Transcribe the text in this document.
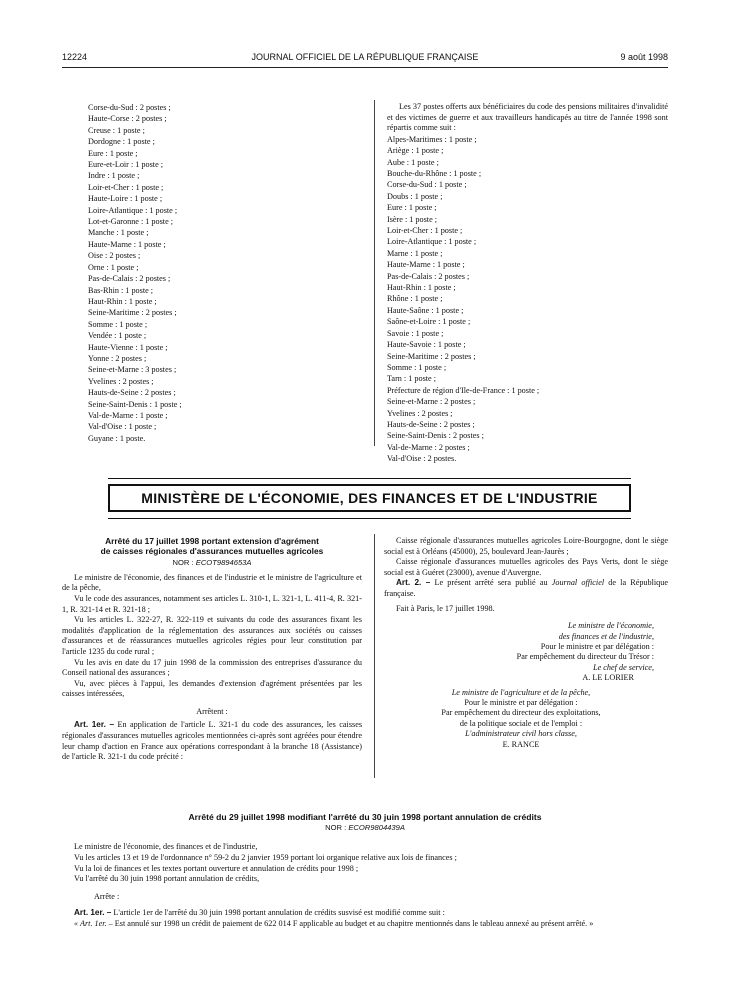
12224	JOURNAL OFFICIEL DE LA RÉPUBLIQUE FRANÇAISE	9 août 1998
Corse-du-Sud : 2 postes ;
Haute-Corse : 2 postes ;
Creuse : 1 poste ;
Dordogne : 1 poste ;
Eure : 1 poste ;
Eure-et-Loir : 1 poste ;
Indre : 1 poste ;
Loir-et-Cher : 1 poste ;
Haute-Loire : 1 poste ;
Loire-Atlantique : 1 poste ;
Lot-et-Garonne : 1 poste ;
Manche : 1 poste ;
Haute-Marne : 1 poste ;
Oise : 2 postes ;
Orne : 1 poste ;
Pas-de-Calais : 2 postes ;
Bas-Rhin : 1 poste ;
Haut-Rhin : 1 poste ;
Seine-Maritime : 2 postes ;
Somme : 1 poste ;
Vendée : 1 poste ;
Haute-Vienne : 1 poste ;
Yonne : 2 postes ;
Seine-et-Marne : 3 postes ;
Yvelines : 2 postes ;
Hauts-de-Seine : 2 postes ;
Seine-Saint-Denis : 1 poste ;
Val-de-Marne : 1 poste ;
Val-d'Oise : 1 poste ;
Guyane : 1 poste.
Les 37 postes offerts aux bénéficiaires du code des pensions militaires d'invalidité et des victimes de guerre et aux travailleurs handicapés au titre de l'année 1998 sont répartis comme suit :
Alpes-Maritimes : 1 poste ;
Ariège : 1 poste ;
Aube : 1 poste ;
Bouche-du-Rhône : 1 poste ;
Corse-du-Sud : 1 poste ;
Doubs : 1 poste ;
Eure : 1 poste ;
Isère : 1 poste ;
Loir-et-Cher : 1 poste ;
Loire-Atlantique : 1 poste ;
Marne : 1 poste ;
Haute-Marne : 1 poste ;
Pas-de-Calais : 2 postes ;
Haut-Rhin : 1 poste ;
Rhône : 1 poste ;
Haute-Saône : 1 poste ;
Saône-et-Loire : 1 poste ;
Savoie : 1 poste ;
Haute-Savoie : 1 poste ;
Seine-Maritime : 2 postes ;
Somme : 1 poste ;
Tarn : 1 poste ;
Préfecture de région d'Ile-de-France : 1 poste ;
Seine-et-Marne : 2 postes ;
Yvelines : 2 postes ;
Hauts-de-Seine : 2 postes ;
Seine-Saint-Denis : 2 postes ;
Val-de-Marne : 2 postes ;
Val-d'Oise : 2 postes.
MINISTÈRE DE L'ÉCONOMIE, DES FINANCES ET DE L'INDUSTRIE
Arrêté du 17 juillet 1998 portant extension d'agrément
de caisses régionales d'assurances mutuelles agricoles
NOR : ECOT9894653A
Le ministre de l'économie, des finances et de l'industrie et le ministre de l'agriculture et de la pêche,
Vu le code des assurances, notamment ses articles L. 310-1, L. 321-1, L. 411-4, R. 321-1, R. 321-14 et R. 321-18 ;
Vu les articles L. 322-27, R. 322-119 et suivants du code des assurances fixant les modalités d'application de la réglementation des assurances aux sociétés ou caisses d'assurances et de réassurances mutuelles agricoles régies pour leur constitution par l'article 1235 du code rural ;
Vu les avis en date du 17 juin 1998 de la commission des entreprises d'assurance du Conseil national des assurances ;
Vu, avec pièces à l'appui, les demandes d'extension d'agrément présentées par les caisses intéressées,
Arrêtent :
Art. 1er. – En application de l'article L. 321-1 du code des assurances, les caisses régionales d'assurances mutuelles agricoles mentionnées ci-après sont agréées pour étendre leur champ d'action en France aux opérations correspondant à la branche 18 (Assistance) de l'article R. 321-1 du code précité :
Caisse régionale d'assurances mutuelles agricoles Loire-Bourgogne, dont le siège social est à Orléans (45000), 25, boulevard Jean-Jaurès ;
Caisse régionale d'assurances mutuelles agricoles des Pays Verts, dont le siège social est à Guéret (23000), avenue d'Auvergne.
Art. 2. – Le présent arrêté sera publié au Journal officiel de la République française.
Fait à Paris, le 17 juillet 1998.
Le ministre de l'économie,
des finances et de l'industrie,
Pour le ministre et par délégation :
Par empêchement du directeur du Trésor :
Le chef de service,
A. LE LORIER
Le ministre de l'agriculture et de la pêche,
Pour le ministre et par délégation :
Par empêchement du directeur des exploitations,
de la politique sociale et de l'emploi :
L'administrateur civil hors classe,
E. RANCE
Arrêté du 29 juillet 1998 modifiant l'arrêté du 30 juin 1998 portant annulation de crédits
NOR : ECOR9804439A
Le ministre de l'économie, des finances et de l'industrie,
Vu les articles 13 et 19 de l'ordonnance n° 59-2 du 2 janvier 1959 portant loi organique relative aux lois de finances ;
Vu la loi de finances et les textes portant ouverture et annulation de crédits pour 1998 ;
Vu l'arrêté du 30 juin 1998 portant annulation de crédits,
Arrête :
Art. 1er. – L'article 1er de l'arrêté du 30 juin 1998 portant annulation de crédits susvisé est modifié comme suit :
« Art. 1er. – Est annulé sur 1998 un crédit de paiement de 622 014 F applicable au budget et au chapitre mentionnés dans le tableau annexé au présent arrêté. »
